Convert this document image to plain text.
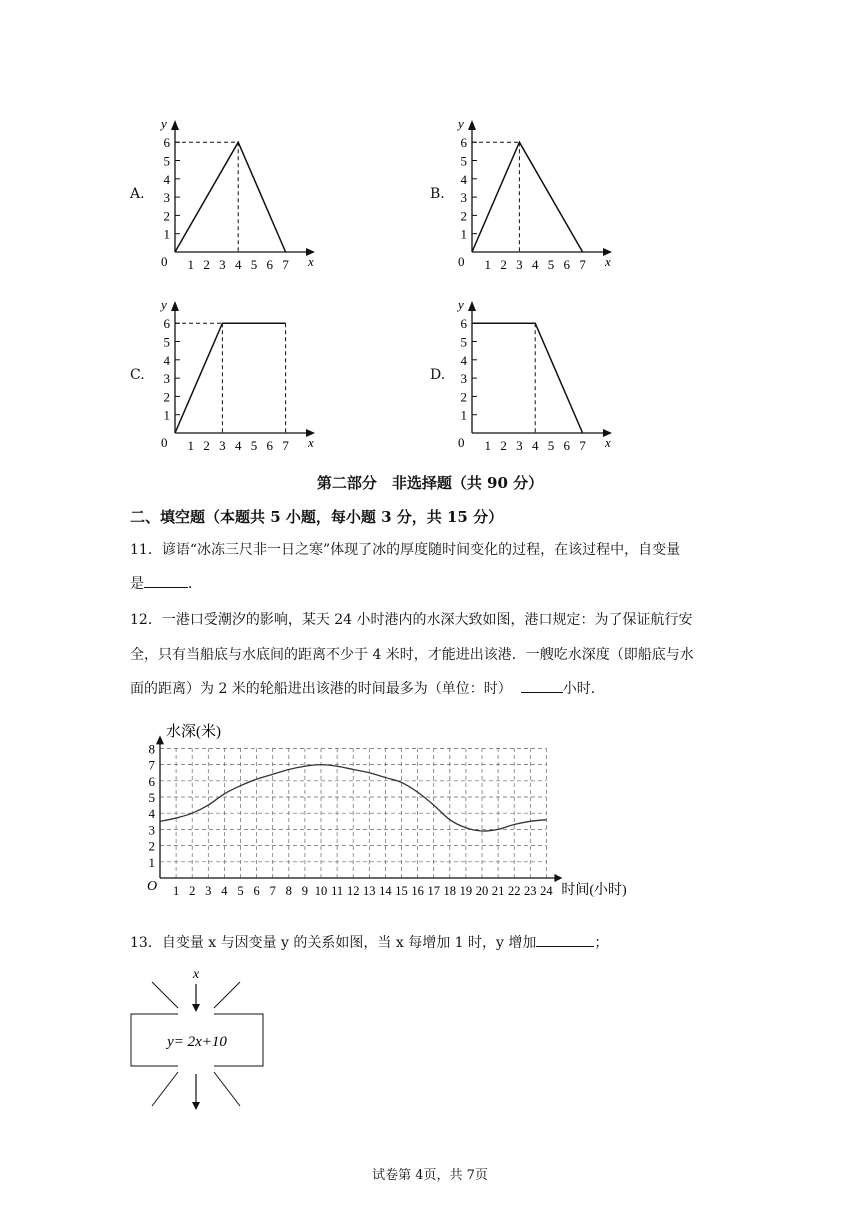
A.
x
y
0 1 2 3 4 5 6 7
1
2
3
4
5
6
B.
x
y
0 1 2 3 4 5 6 7
1
2
3
4
5
6
C.
x
y
0 1 2 3 4 5 6 7
1
2
3
4
5
6
D.
x
y
0 1 2 3 4 5 6 7
1
2
3
4
5
6
第二部分　非选择题（共 90 分）
二、填空题（本题共 5 小题，每小题 3 分，共 15 分）
11．谚语“冰冻三尺非一日之寒”体现了冰的厚度随时间变化的过程，在该过程中，自变量
是	．
12．一港口受潮汐的影响，某天 24 小时港内的水深大致如图，港口规定：为了保证航行安
全，只有当船底与水底间的距离不少于 4 米时，才能进出该港．一艘吃水深度（即船底与水
面的距离）为 2 米的轮船进出该港的时间最多为（单位：时）	小时．
水深(米)
时间(小时)
O 1 2 3 4 5 6 7 8 9 10 11 12 13 14 15 16 17 18 19 20 21 22 23 24
1
2
3
4
5
6
7
8
13．自变量 x 与因变量 y 的关系如图，当 x 每增加 1 时，y 增加	；
x
y= 2x+10
试卷第 4页，共 7页
